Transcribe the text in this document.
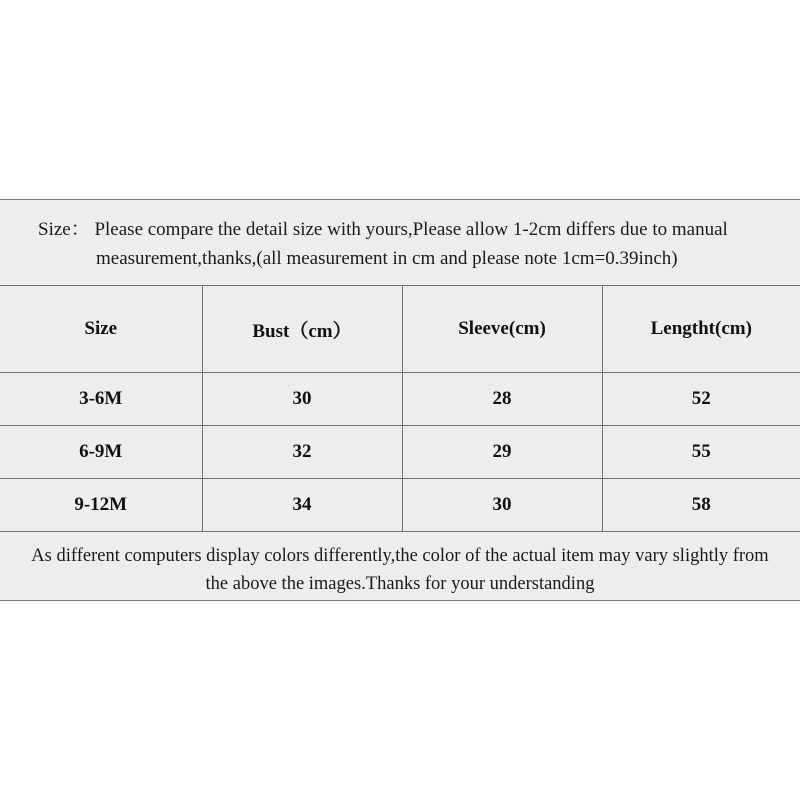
Size： Please compare the detail size with yours,Please allow 1-2cm differs due to manual
measurement,thanks,(all measurement in cm and please note 1cm=0.39inch)
Size	Bust（cm）	Sleeve(cm)	Lengtht(cm)
3-6M	30	28	52
6-9M	32	29	55
9-12M	34	30	58
As different computers display colors differently,the color of the actual item may vary slightly from
the above the images.Thanks for your understanding
